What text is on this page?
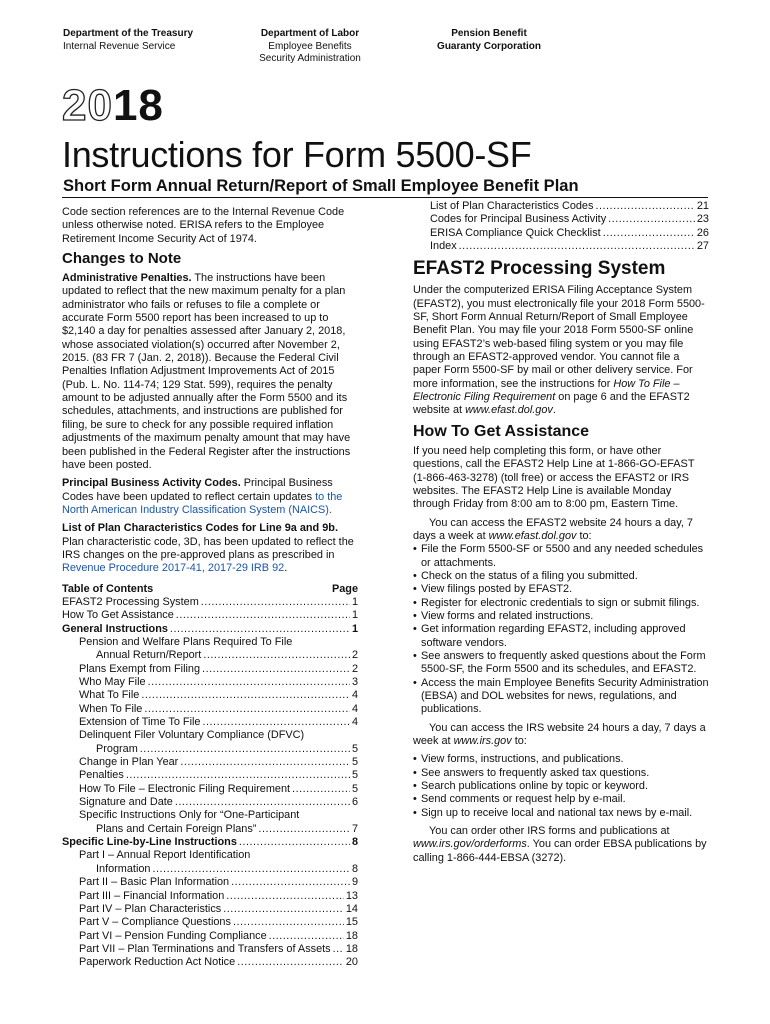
Department of the Treasury
Internal Revenue Service
Department of Labor
Employee Benefits
Security Administration
Pension Benefit
Guaranty Corporation
2018
Instructions for Form 5500-SF
Short Form Annual Return/Report of Small Employee Benefit Plan

Code section references are to the Internal Revenue Code unless otherwise noted. ERISA refers to the Employee Retirement Income Security Act of 1974.

Changes to Note

Administrative Penalties. The instructions have been updated to reflect that the new maximum penalty for a plan administrator who fails or refuses to file a complete or accurate Form 5500 report has been increased to up to $2,140 a day for penalties assessed after January 2, 2018, whose associated violation(s) occurred after November 2, 2015. (83 FR 7 (Jan. 2, 2018)). Because the Federal Civil Penalties Inflation Adjustment Improvements Act of 2015 (Pub. L. No. 114-74; 129 Stat. 599), requires the penalty amount to be adjusted annually after the Form 5500 and its schedules, attachments, and instructions are published for filing, be sure to check for any possible required inflation adjustments of the maximum penalty amount that may have been published in the Federal Register after the instructions have been posted.

Principal Business Activity Codes. Principal Business Codes have been updated to reflect certain updates to the North American Industry Classification System (NAICS).

List of Plan Characteristics Codes for Line 9a and 9b. Plan characteristic code, 3D, has been updated to reflect the IRS changes on the pre-approved plans as prescribed in Revenue Procedure 2017-41, 2017-29 IRB 92.

Table of Contents	Page
EFAST2 Processing System .....	1
How To Get Assistance .....	1
General Instructions .....	1
Pension and Welfare Plans Required To File
Annual Return/Report .....	2
Plans Exempt from Filing .....	2
Who May File .....	3
What To File .....	4
When To File .....	4
Extension of Time To File .....	4
Delinquent Filer Voluntary Compliance (DFVC)
Program .....	5
Change in Plan Year .....	5
Penalties .....	5
How To File – Electronic Filing Requirement .....	5
Signature and Date .....	6
Specific Instructions Only for “One-Participant
Plans and Certain Foreign Plans” .....	7
Specific Line-by-Line Instructions .....	8
Part I – Annual Report Identification
Information .....	8
Part II – Basic Plan Information .....	9
Part III – Financial Information .....	13
Part IV – Plan Characteristics .....	14
Part V – Compliance Questions .....	15
Part VI – Pension Funding Compliance .....	18
Part VII – Plan Terminations and Transfers of Assets ..... 18
Paperwork Reduction Act Notice .....	20
List of Plan Characteristics Codes .....	21
Codes for Principal Business Activity .....	23
ERISA Compliance Quick Checklist .....	26
Index .....	27
EFAST2 Processing System

Under the computerized ERISA Filing Acceptance System (EFAST2), you must electronically file your 2018 Form 5500-SF, Short Form Annual Return/Report of Small Employee Benefit Plan. You may file your 2018 Form 5500-SF online using EFAST2’s web-based filing system or you may file through an EFAST2-approved vendor. You cannot file a paper Form 5500-SF by mail or other delivery service. For more information, see the instructions for How To File – Electronic Filing Requirement on page 6 and the EFAST2 website at www.efast.dol.gov.

How To Get Assistance

If you need help completing this form, or have other questions, call the EFAST2 Help Line at 1-866-GO-EFAST (1-866-463-3278) (toll free) or access the EFAST2 or IRS websites. The EFAST2 Help Line is available Monday through Friday from 8:00 am to 8:00 pm, Eastern Time.

You can access the EFAST2 website 24 hours a day, 7 days a week at www.efast.dol.gov to:

• File the Form 5500-SF or 5500 and any needed schedules or attachments.
• Check on the status of a filing you submitted.
• View filings posted by EFAST2.
• Register for electronic credentials to sign or submit filings.
• View forms and related instructions.
• Get information regarding EFAST2, including approved software vendors.
• See answers to frequently asked questions about the Form 5500-SF, the Form 5500 and its schedules, and EFAST2.
• Access the main Employee Benefits Security Administration (EBSA) and DOL websites for news, regulations, and publications.

You can access the IRS website 24 hours a day, 7 days a week at www.irs.gov to:

• View forms, instructions, and publications.
• See answers to frequently asked tax questions.
• Search publications online by topic or keyword.
• Send comments or request help by e-mail.
• Sign up to receive local and national tax news by e-mail.

You can order other IRS forms and publications at www.irs.gov/orderforms. You can order EBSA publications by calling 1-866-444-EBSA (3272).
